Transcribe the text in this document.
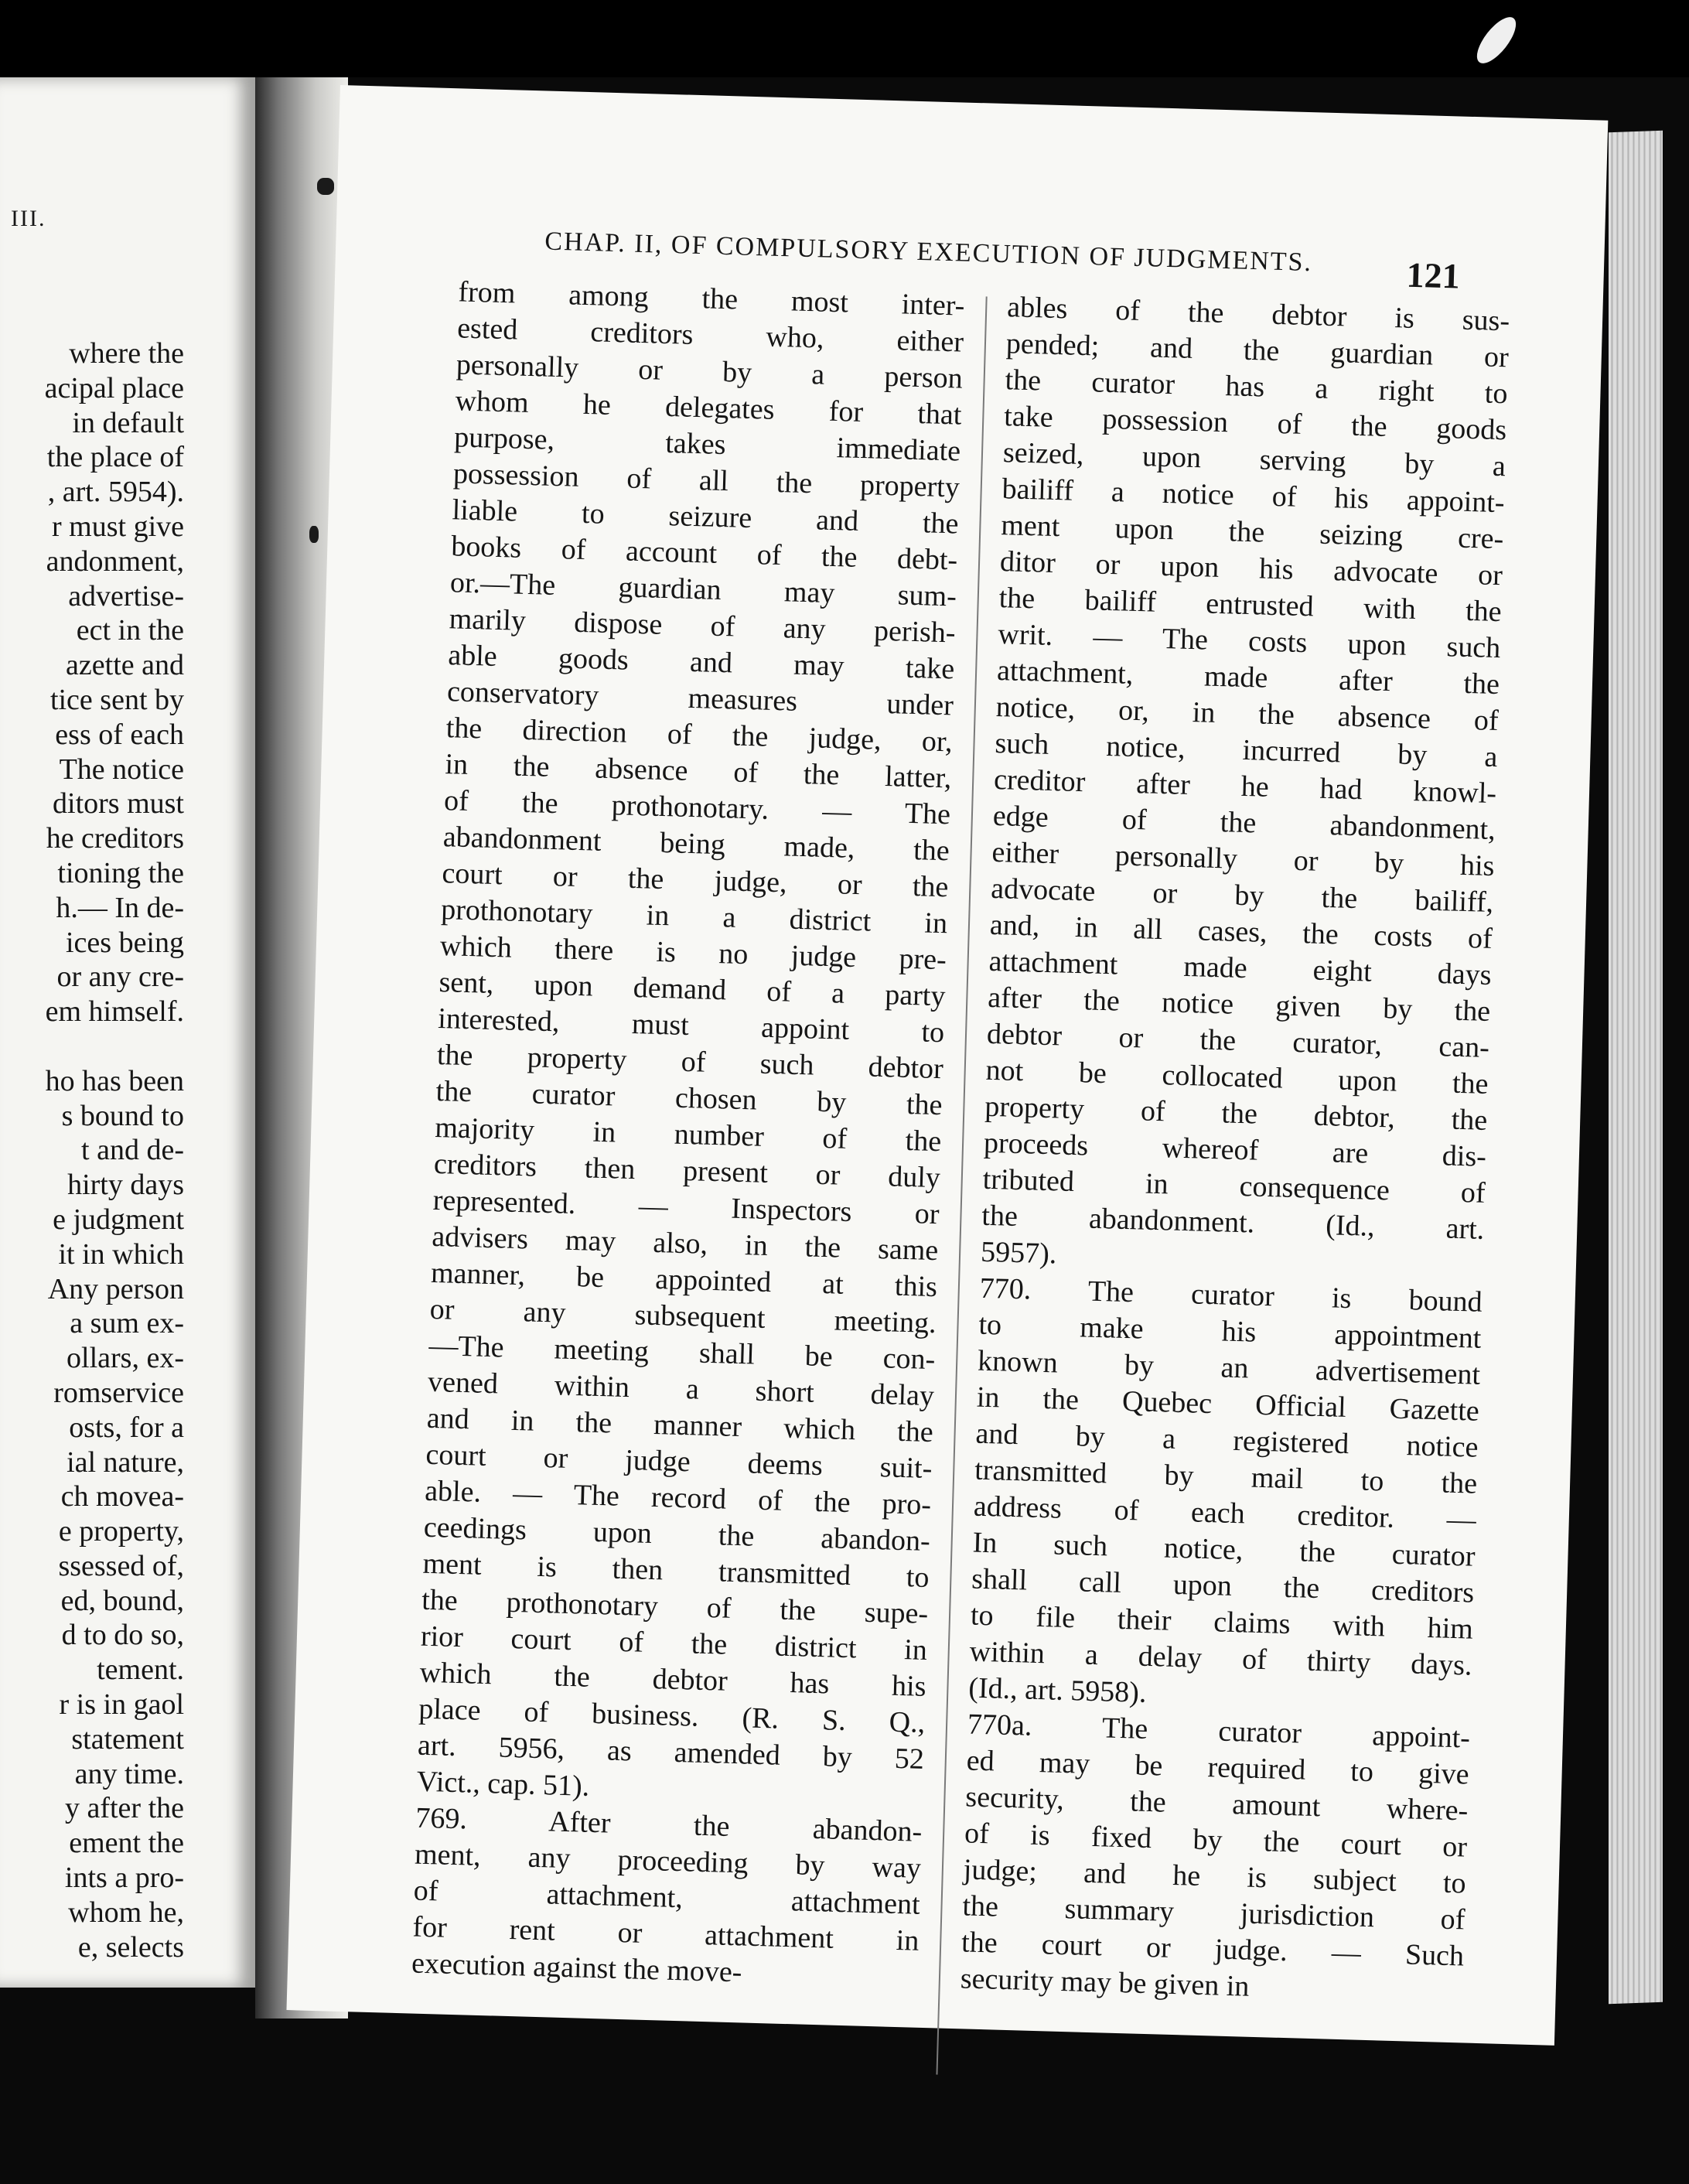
III.
where the
acipal place
in default
the place of
, art. 5954).
r must give
andonment,
advertise-
ect in the
azette and
tice sent by
ess of each
The notice
ditors must
he creditors
tioning the
h.— In de-
ices being
or any cre-
em himself.
ho has been
s bound to
t and de-
hirty days
e judgment
it in which
Any person
a sum ex-
ollars, ex-
romservice
osts, for a
ial nature,
ch movea-
e property,
ssessed of,
ed, bound,
d to do so,
tement.
r is in gaol
statement
any time.
y after the
ement the
ints a pro-
whom he,
e, selects
CHAP. II, OF COMPULSORY EXECUTION OF JUDGMENTS.	121
from among the most inter-
ested creditors who, either
personally or by a person
whom he delegates for that
purpose, takes immediate
possession of all the property
liable to seizure and the
books of account of the debt-
or.—The guardian may sum-
marily dispose of any perish-
able goods and may take
conservatory measures under
the direction of the judge, or,
in the absence of the latter,
of the prothonotary. — The
abandonment being made, the
court or the judge, or the
prothonotary in a district in
which there is no judge pre-
sent, upon demand of a party
interested, must appoint to
the property of such debtor
the curator chosen by the
majority in number of the
creditors then present or duly
represented. — Inspectors or
advisers may also, in the same
manner, be appointed at this
or any subsequent meeting.
—The meeting shall be con-
vened within a short delay
and in the manner which the
court or judge deems suit-
able. — The record of the pro-
ceedings upon the abandon-
ment is then transmitted to
the prothonotary of the supe-
rior court of the district in
which the debtor has his
place of business. (R. S. Q.,
art. 5956, as amended by 52
Vict., cap. 51).
769. After the abandon-
ment, any proceeding by way
of attachment, attachment
for rent or attachment in
execution against the move-
ables of the debtor is sus-
pended; and the guardian or
the curator has a right to
take possession of the goods
seized, upon serving by a
bailiff a notice of his appoint-
ment upon the seizing cre-
ditor or upon his advocate or
the bailiff entrusted with the
writ. — The costs upon such
attachment, made after the
notice, or, in the absence of
such notice, incurred by a
creditor after he had knowl-
edge of the abandonment,
either personally or by his
advocate or by the bailiff,
and, in all cases, the costs of
attachment made eight days
after the notice given by the
debtor or the curator, can-
not be collocated upon the
property of the debtor, the
proceeds whereof are dis-
tributed in consequence of
the abandonment. (Id., art.
5957).
770. The curator is bound
to make his appointment
known by an advertisement
in the Quebec Official Gazette
and by a registered notice
transmitted by mail to the
address of each creditor. —
In such notice, the curator
shall call upon the creditors
to file their claims with him
within a delay of thirty days.
(Id., art. 5958).
770a. The curator appoint-
ed may be required to give
security, the amount where-
of is fixed by the court or
judge; and he is subject to
the summary jurisdiction of
the court or judge. — Such
security may be given in
